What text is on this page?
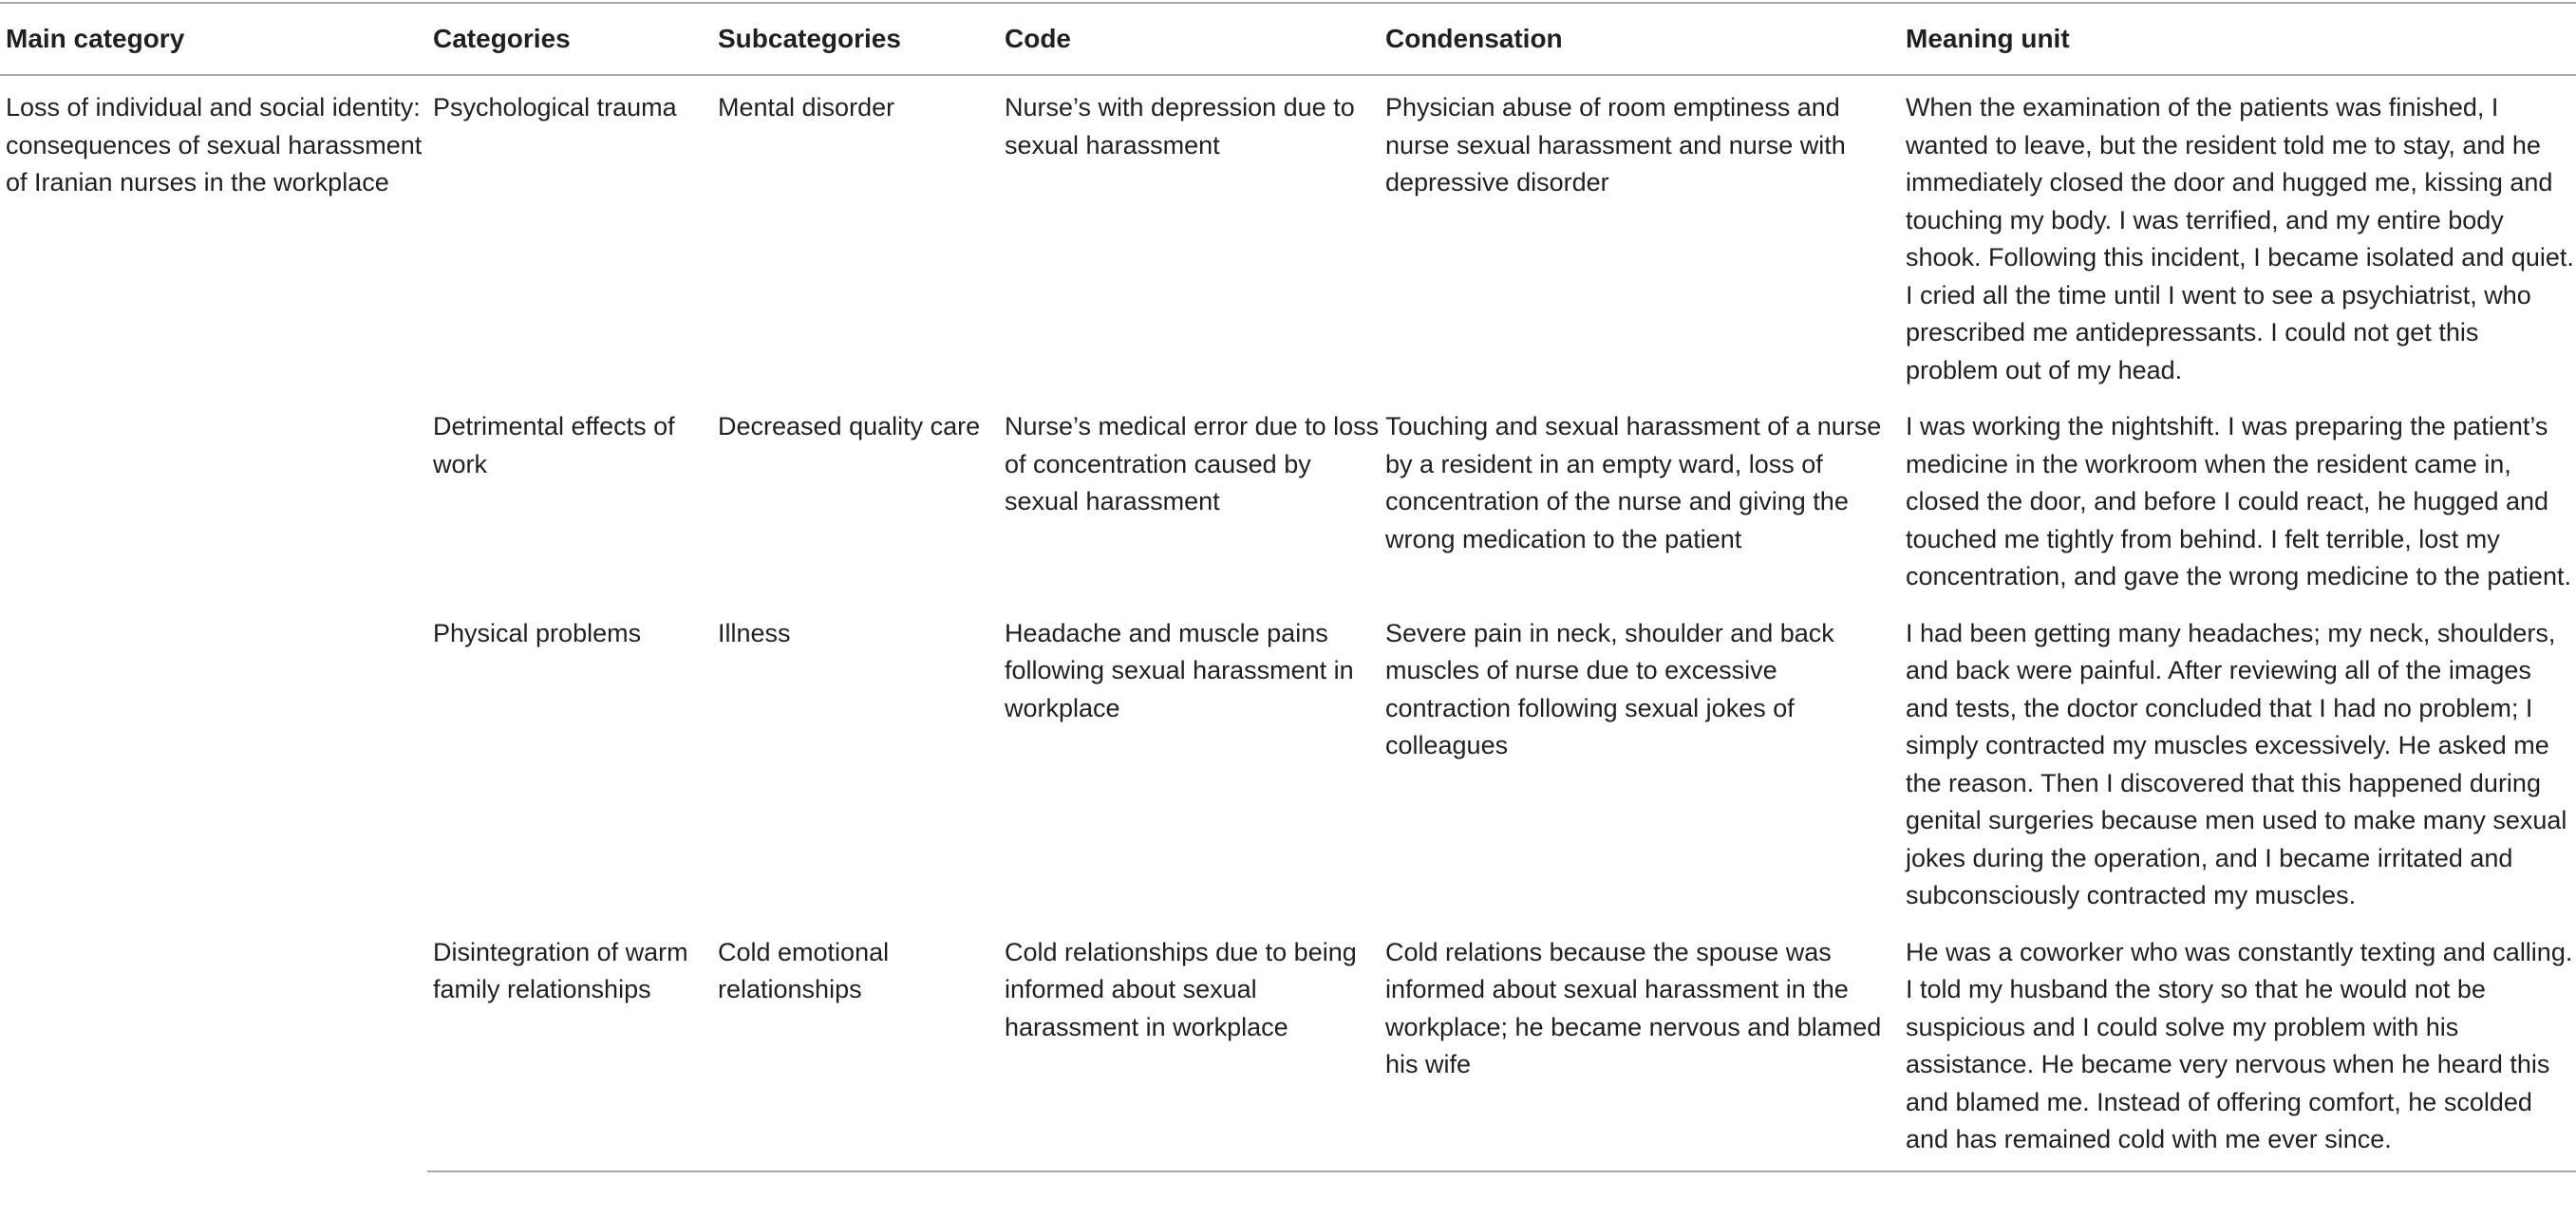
Main category	Categories	Subcategories	Code	Condensation	Meaning unit
Loss of individual and social identity: consequences of sexual harassment of Iranian nurses in the workplace	Psychological trauma	Mental disorder	Nurse’s with depression due to sexual harassment	Physician abuse of room emptiness and nurse sexual harassment and nurse with depressive disorder	When the examination of the patients was finished, I wanted to leave, but the resident told me to stay, and he immediately closed the door and hugged me, kissing and touching my body. I was terrified, and my entire body shook. Following this incident, I became isolated and quiet. I cried all the time until I went to see a psychiatrist, who prescribed me antidepressants. I could not get this problem out of my head.
	Detrimental effects of work	Decreased quality care	Nurse’s medical error due to loss of concentration caused by sexual harassment	Touching and sexual harassment of a nurse by a resident in an empty ward, loss of concentration of the nurse and giving the wrong medication to the patient	I was working the nightshift. I was preparing the patient’s medicine in the workroom when the resident came in, closed the door, and before I could react, he hugged and touched me tightly from behind. I felt terrible, lost my concentration, and gave the wrong medicine to the patient.
	Physical problems	Illness	Headache and muscle pains following sexual harassment in workplace	Severe pain in neck, shoulder and back muscles of nurse due to excessive contraction following sexual jokes of colleagues	I had been getting many headaches; my neck, shoulders, and back were painful. After reviewing all of the images and tests, the doctor concluded that I had no problem; I simply contracted my muscles excessively. He asked me the reason. Then I discovered that this happened during genital surgeries because men used to make many sexual jokes during the operation, and I became irritated and subconsciously contracted my muscles.
	Disintegration of warm family relationships	Cold emotional relationships	Cold relationships due to being informed about sexual harassment in workplace	Cold relations because the spouse was informed about sexual harassment in the workplace; he became nervous and blamed his wife	He was a coworker who was constantly texting and calling. I told my husband the story so that he would not be suspicious and I could solve my problem with his assistance. He became very nervous when he heard this and blamed me. Instead of offering comfort, he scolded and has remained cold with me ever since.
